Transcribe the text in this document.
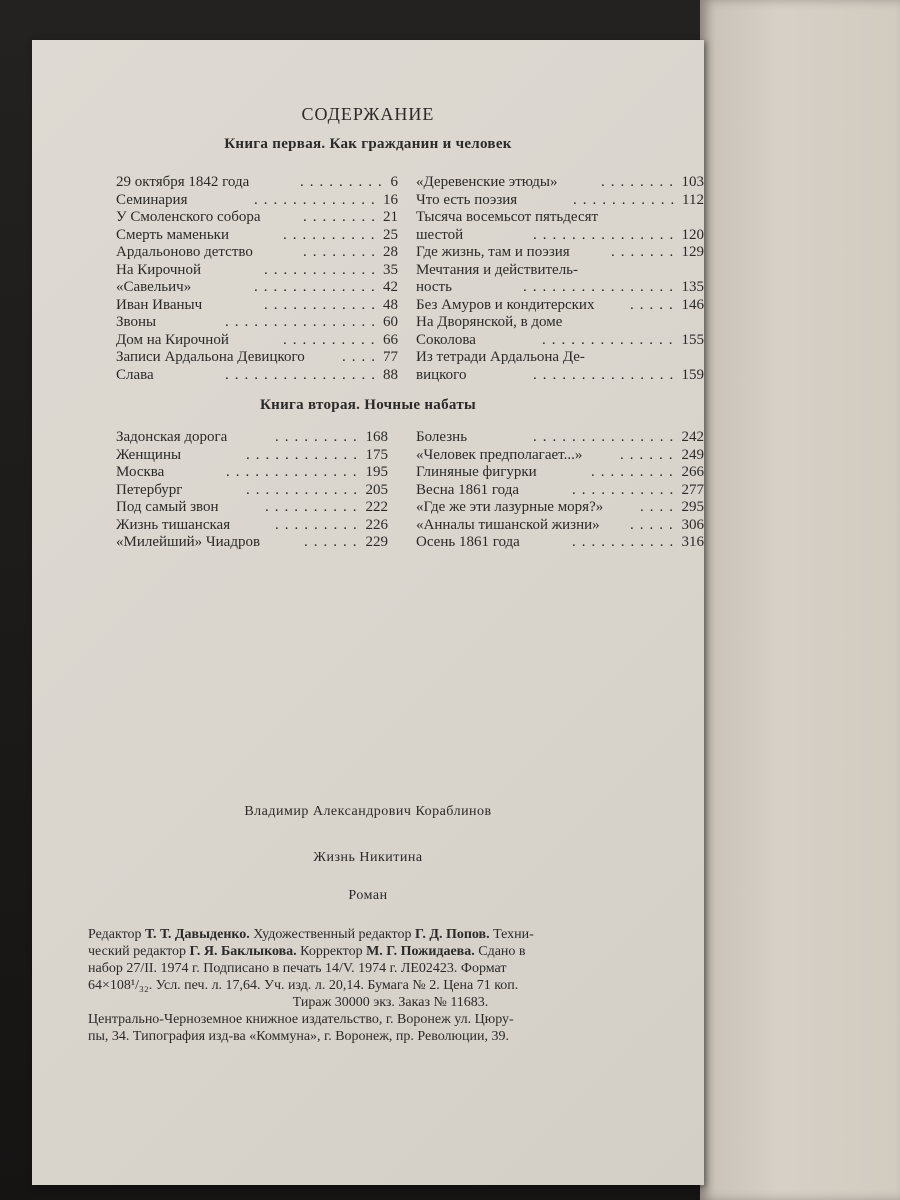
СОДЕРЖАНИЕ
Книга первая. Как гражданин и человек
29 октября 1842 года	6
.........
Семинария	16
.............
У Смоленского собора	21
........
Смерть маменьки	25
..........
Ардальоново детство	28
........
На Кирочной	35
............
«Савельич»	42
.............
Иван Иваныч	48
............
Звоны	60
................
Дом на Кирочной	66
..........
Записи Ардальона Девицкого	77
....
Слава	88
................
«Деревенские этюды»	103
........
Что есть поэзия	112
...........
Тысяча восемьсот пятьдесят
шестой	120
...............
Где жизнь, там и поэзия	129
.......
Мечтания и действитель-
ность	135
................
Без Амуров и кондитерских	146
.....
На Дворянской, в доме
Соколова	155
..............
Из тетради Ардальона Де-
вицкого	159
...............
Книга вторая. Ночные набаты
Задонская дорога	168
.........
Женщины	175
............
Москва	195
..............
Петербург	205
............
Под самый звон	222
..........
Жизнь тишанская	226
.........
«Милейший» Чиадров	229
......
Болезнь	242
...............
«Человек предполагает...»	249
......
Глиняные фигурки	266
.........
Весна 1861 года	277
...........
«Где же эти лазурные моря?»	295
....
«Анналы тишанской жизни»	306
.....
Осень 1861 года	316
...........
Владимир Александрович Кораблинов
Жизнь Никитина
Роман
Редактор Т. Т. Давыденко. Художественный редактор Г. Д. Попов. Техни-
ческий редактор Г. Я. Баклыкова. Корректор М. Г. Пожидаева. Сдано в
набор 27/II. 1974 г. Подписано в печать 14/V. 1974 г. ЛЕ02423. Формат
64×108¹/₃₂. Усл. печ. л. 17,64. Уч. изд. л. 20,14. Бумага № 2. Цена 71 коп.
Тираж 30000 экз. Заказ № 11683.
Центрально-Черноземное книжное издательство, г. Воронеж ул. Цюру-
пы, 34. Типография изд-ва «Коммуна», г. Воронеж, пр. Революции, 39.
